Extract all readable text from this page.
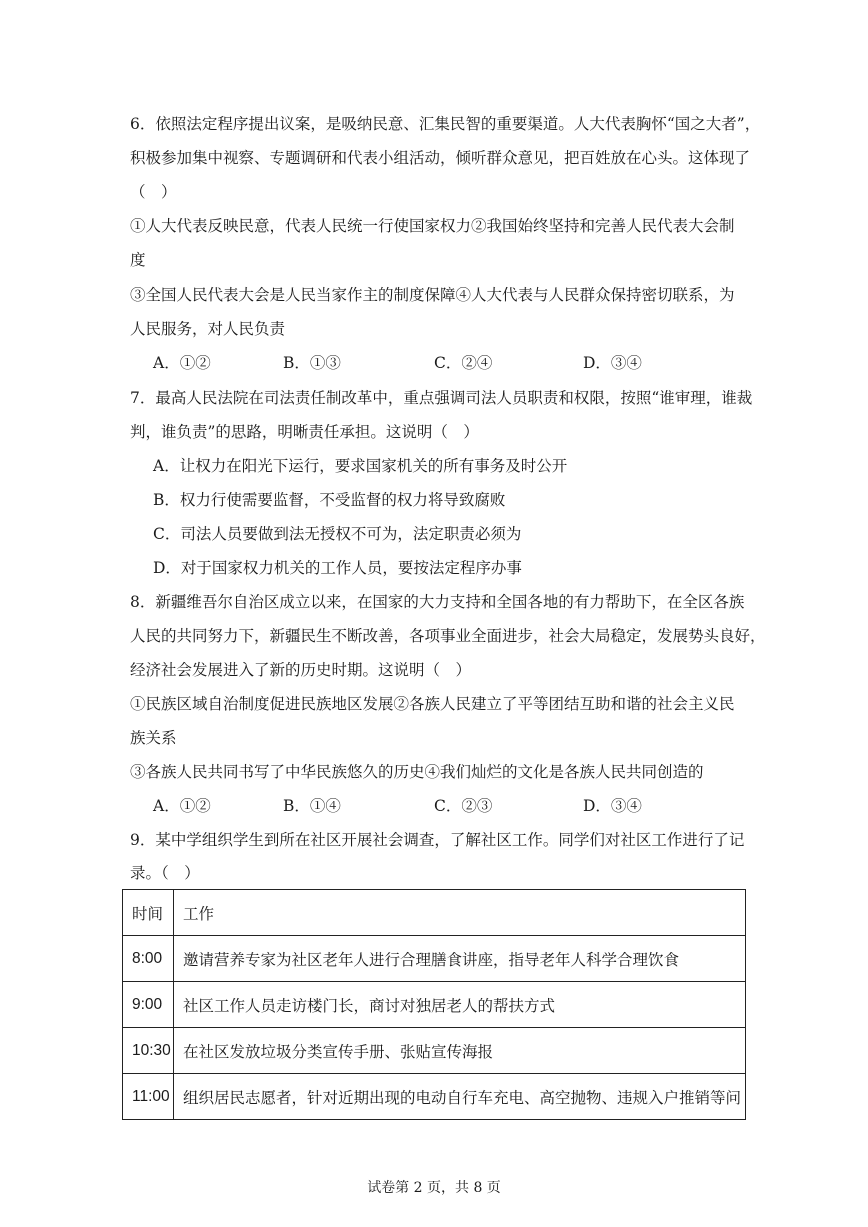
6．依照法定程序提出议案，是吸纳民意、汇集民智的重要渠道。人大代表胸怀“国之大者”，
积极参加集中视察、专题调研和代表小组活动，倾听群众意见，把百姓放在心头。这体现了
（　）
①人大代表反映民意，代表人民统一行使国家权力②我国始终坚持和完善人民代表大会制
度
③全国人民代表大会是人民当家作主的制度保障④人大代表与人民群众保持密切联系，为
人民服务，对人民负责
A．①②	B．①③	C．②④	D．③④
7．最高人民法院在司法责任制改革中，重点强调司法人员职责和权限，按照“谁审理，谁裁
判，谁负责”的思路，明晰责任承担。这说明（　）
A．让权力在阳光下运行，要求国家机关的所有事务及时公开
B．权力行使需要监督，不受监督的权力将导致腐败
C．司法人员要做到法无授权不可为，法定职责必须为
D．对于国家权力机关的工作人员，要按法定程序办事
8．新疆维吾尔自治区成立以来，在国家的大力支持和全国各地的有力帮助下，在全区各族
人民的共同努力下，新疆民生不断改善，各项事业全面进步，社会大局稳定，发展势头良好，
经济社会发展进入了新的历史时期。这说明（　）
①民族区域自治制度促进民族地区发展②各族人民建立了平等团结互助和谐的社会主义民
族关系
③各族人民共同书写了中华民族悠久的历史④我们灿烂的文化是各族人民共同创造的
A．①②	B．①④	C．②③	D．③④
9．某中学组织学生到所在社区开展社会调查，了解社区工作。同学们对社区工作进行了记
录。（　）
时间	工作
8:00	邀请营养专家为社区老年人进行合理膳食讲座，指导老年人科学合理饮食
9:00	社区工作人员走访楼门长，商讨对独居老人的帮扶方式
10:30	在社区发放垃圾分类宣传手册、张贴宣传海报
11:00	组织居民志愿者，针对近期出现的电动自行车充电、高空抛物、违规入户推销等问
试卷第 2 页，共 8 页
